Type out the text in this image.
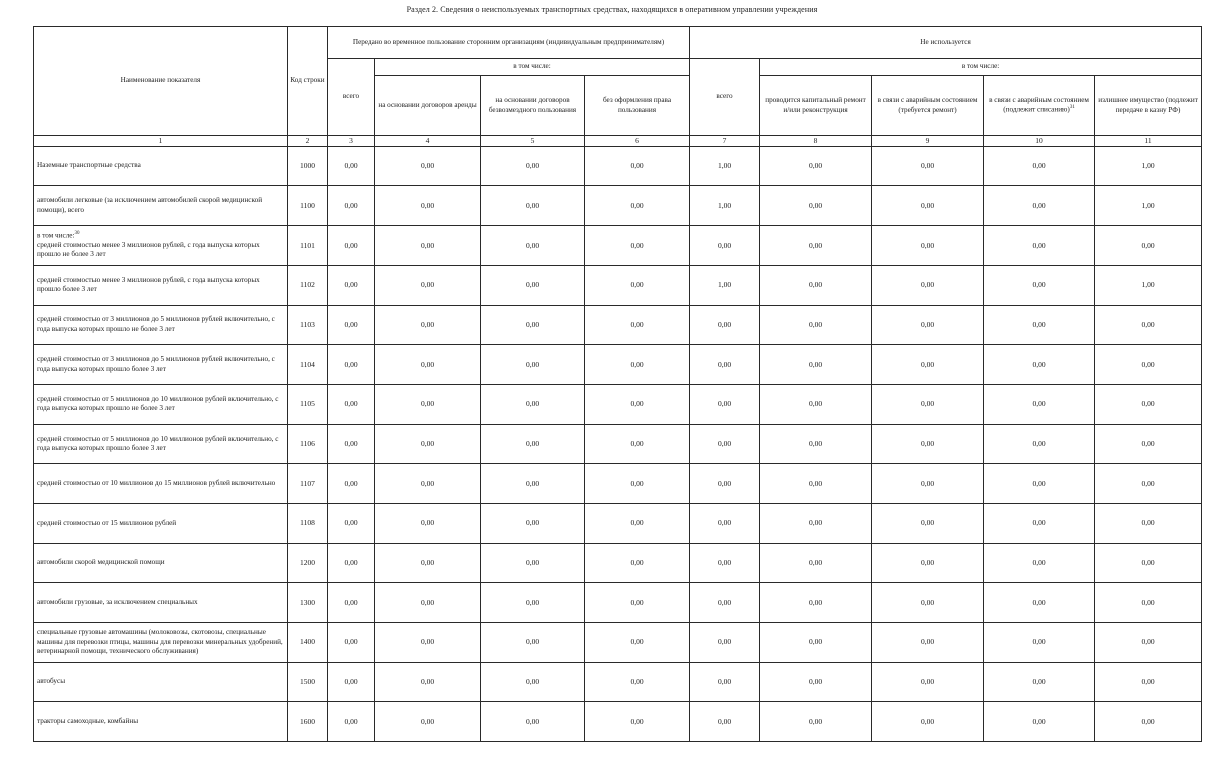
Раздел 2. Сведения о неиспользуемых транспортных средствах, находящихся в оперативном управлении учреждения
Наименование показателя	Код строки	Передано во временное пользование сторонним организациям (индивидуальным предпринимателям)				Не используется				
		всего	в том числе:			всего	в том числе:			
			на основании договоров аренды	на основании договоров безвозмездного пользования	без оформления права пользования		проводится капитальный ремонт и/или реконструкция	в связи с аварийным состоянием (требуется ремонт)	в связи с аварийным состоянием (подлежит списанию)$^{31}$	излишнее имущество (подлежит передаче в казну РФ)
1	2	3	4	5	6	7	8	9	10	11
Наземные транспортные средства	1000	0,00	0,00	0,00	0,00	1,00	0,00	0,00	0,00	1,00
автомобили легковые (за исключением автомобилей скорой медицинской помощи), всего	1100	0,00	0,00	0,00	0,00	1,00	0,00	0,00	0,00	1,00
в том числе:$^{30}$
средней стоимостью менее 3 миллионов рублей, с года выпуска которых прошло не более 3 лет	1101	0,00	0,00	0,00	0,00	0,00	0,00	0,00	0,00	0,00
средней стоимостью менее 3 миллионов рублей, с года выпуска которых прошло более 3 лет	1102	0,00	0,00	0,00	0,00	1,00	0,00	0,00	0,00	1,00
средней стоимостью от 3 миллионов до 5 миллионов рублей включительно, с года выпуска которых прошло не более 3 лет	1103	0,00	0,00	0,00	0,00	0,00	0,00	0,00	0,00	0,00
средней стоимостью от 3 миллионов до 5 миллионов рублей включительно, с года выпуска которых прошло более 3 лет	1104	0,00	0,00	0,00	0,00	0,00	0,00	0,00	0,00	0,00
средней стоимостью от 5 миллионов до 10 миллионов рублей включительно, с года выпуска которых прошло не более 3 лет	1105	0,00	0,00	0,00	0,00	0,00	0,00	0,00	0,00	0,00
средней стоимостью от 5 миллионов до 10 миллионов рублей включительно, с года выпуска которых прошло более 3 лет	1106	0,00	0,00	0,00	0,00	0,00	0,00	0,00	0,00	0,00
средней стоимостью от 10 миллионов до 15 миллионов рублей включительно	1107	0,00	0,00	0,00	0,00	0,00	0,00	0,00	0,00	0,00
средней стоимостью от 15 миллионов рублей	1108	0,00	0,00	0,00	0,00	0,00	0,00	0,00	0,00	0,00
автомобили скорой медицинской помощи	1200	0,00	0,00	0,00	0,00	0,00	0,00	0,00	0,00	0,00
автомобили грузовые, за исключением специальных	1300	0,00	0,00	0,00	0,00	0,00	0,00	0,00	0,00	0,00
специальные грузовые автомашины (молоковозы, скотовозы, специальные машины для перевозки птицы, машины для перевозки минеральных удобрений, ветеринарной помощи, технического обслуживания)	1400	0,00	0,00	0,00	0,00	0,00	0,00	0,00	0,00	0,00
автобусы	1500	0,00	0,00	0,00	0,00	0,00	0,00	0,00	0,00	0,00
тракторы самоходные, комбайны	1600	0,00	0,00	0,00	0,00	0,00	0,00	0,00	0,00	0,00
